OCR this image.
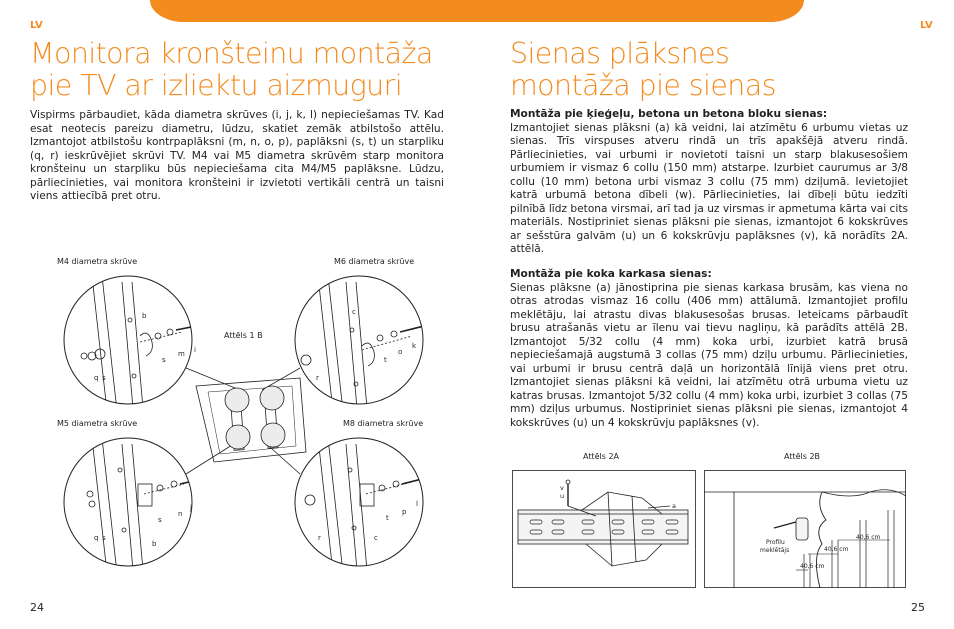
LV	LV
Monitora kronšteinu montāža
pie TV ar izliektu aizmuguri

Vispirms pārbaudiet, kāda diametra skrūves (i, j, k, l) nepieciešamas TV. Kad esat neotecis pareizu diametru, lūdzu, skatiet zemāk atbilstošo attēlu. Izmantojot atbilstošu kontrpaplāksni (m, n, o, p), paplāksni (s, t) un starpliku (q, r) ieskrūvējiet skrūvi TV. M4 vai M5 diametra skrūvēm starp monitora kronšteinu un starpliku būs nepieciešama cita M4/M5 paplāksne. Lūdzu, pārliecinieties, vai monitora kronšteini ir izvietoti vertikāli centrā un taisni viens attiecībā pret otru.

M4 diametra skrūve	M6 diametra skrūve
Attēls 1 B
M5 diametra skrūve	M8 diametra skrūve
b
s
m i
q s
c
t
o
k
r
s
n
j
q s
b
t
p
l
r	c
24
Sienas plāksnes
montāža pie sienas

Montāža pie ķieģeļu, betona un betona bloku sienas:

Izmantojiet sienas plāksni (a) kā veidni, lai atzīmētu 6 urbumu vietas uz sienas. Trīs virspuses atveru rindā un trīs apakšējā atveru rindā. Pārliecinieties, vai urbumi ir novietoti taisni un starp blakusesošiem urbumiem ir vismaz 6 collu (150 mm) atstarpe. Izurbiet caurumus ar 3/8 collu (10 mm) betona urbi vismaz 3 collu (75 mm) dziļumā. Ievietojiet katrā urbumā betona dībeli (w). Pārliecinieties, lai dībeļi būtu iedzīti pilnībā līdz betona virsmai, arī tad ja uz virsmas ir apmetuma kārta vai cits materiāls. Nostipriniet sienas plāksni pie sienas, izmantojot 6 kokskrūves ar sešstūra galvām (u) un 6 kokskrūvju paplāksnes (v), kā norādīts 2A. attēlā.

Montāža pie koka karkasa sienas:

Sienas plāksne (a) jānostiprina pie sienas karkasa brusām, kas viena no otras atrodas vismaz 16 collu (406 mm) attālumā. Izmantojiet profilu meklētāju, lai atrastu divas blakusesošas brusas. Ieteicams pārbaudīt brusu atrašanās vietu ar īlenu vai tievu nagliņu, kā parādīts attēlā 2B. Izmantojot 5/32 collu (4 mm) koka urbi, izurbiet katrā brusā nepieciešamajā augstumā 3 collas (75 mm) dziļu urbumu. Pārliecinieties, vai urbumi ir brusu centrā daļā un horizontālā līnijā viens pret otru. Izmantojiet sienas plāksni kā veidni, lai atzīmētu otrā urbuma vietu uz katras brusas. Izmantojot 5/32 collu (4 mm) koka urbi, izurbiet 3 collas (75 mm) dziļus urbumus. Nostipriniet sienas plāksni pie sienas, izmantojot 4 kokskrūves (u) un 4 kokskrūvju paplāksnes (v).

Attēls 2A	Attēls 2B
v
u
a
Profilu
meklētājs
40,6 cm
40,6 cm
40,6 cm
25
